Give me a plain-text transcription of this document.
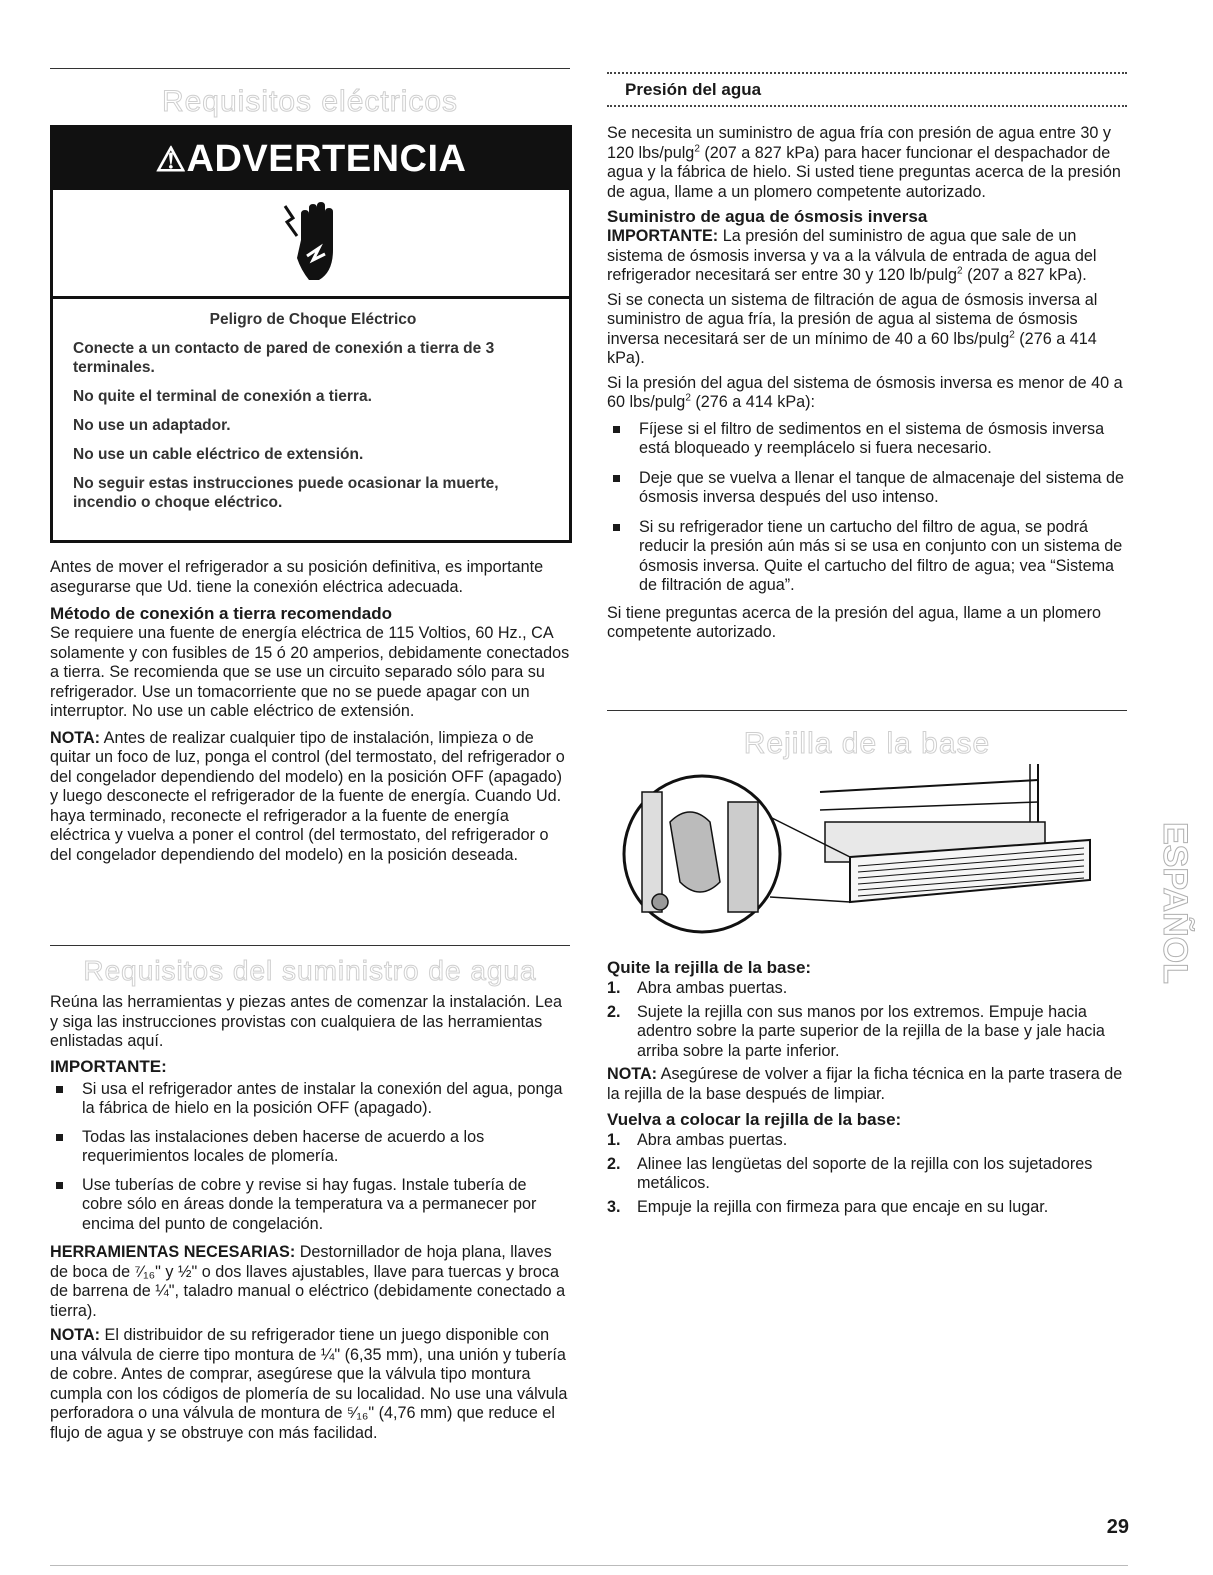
Requisitos eléctricos
⚠ADVERTENCIA

Peligro de Choque Eléctrico

Conecte a un contacto de pared de conexión a tierra de 3 terminales.

No quite el terminal de conexión a tierra.

No use un adaptador.

No use un cable eléctrico de extensión.

No seguir estas instrucciones puede ocasionar la muerte, incendio o choque eléctrico.

Antes de mover el refrigerador a su posición definitiva, es importante asegurarse que Ud. tiene la conexión eléctrica adecuada.

Método de conexión a tierra recomendado

Se requiere una fuente de energía eléctrica de 115 Voltios, 60 Hz., CA solamente y con fusibles de 15 ó 20 amperios, debidamente conectados a tierra. Se recomienda que se use un circuito separado sólo para su refrigerador. Use un tomacorriente que no se puede apagar con un interruptor. No use un cable eléctrico de extensión.

NOTA: Antes de realizar cualquier tipo de instalación, limpieza o de quitar un foco de luz, ponga el control (del termostato, del refrigerador o del congelador dependiendo del modelo) en la posición OFF (apagado) y luego desconecte el refrigerador de la fuente de energía. Cuando Ud. haya terminado, reconecte el refrigerador a la fuente de energía eléctrica y vuelva a poner el control (del termostato, del refrigerador o del congelador dependiendo del modelo) en la posición deseada.

Requisitos del suministro de agua

Reúna las herramientas y piezas antes de comenzar la instalación. Lea y siga las instrucciones provistas con cualquiera de las herramientas enlistadas aquí.

IMPORTANTE:
Si usa el refrigerador antes de instalar la conexión del agua, ponga la fábrica de hielo en la posición OFF (apagado).
Todas las instalaciones deben hacerse de acuerdo a los requerimientos locales de plomería.
Use tuberías de cobre y revise si hay fugas. Instale tubería de cobre sólo en áreas donde la temperatura va a permanecer por encima del punto de congelación.

HERRAMIENTAS NECESARIAS: Destornillador de hoja plana, llaves de boca de ⁷⁄₁₆" y ½" o dos llaves ajustables, llave para tuercas y broca de barrena de ¼", taladro manual o eléctrico (debidamente conectado a tierra).

NOTA: El distribuidor de su refrigerador tiene un juego disponible con una válvula de cierre tipo montura de ¼" (6,35 mm), una unión y tubería de cobre. Antes de comprar, asegúrese que la válvula tipo montura cumpla con los códigos de plomería de su localidad. No use una válvula perforadora o una válvula de montura de ⁵⁄₁₆" (4,76 mm) que reduce el flujo de agua y se obstruye con más facilidad.

Presión del agua

Se necesita un suministro de agua fría con presión de agua entre 30 y 120 lbs/pulg$^2$ (207 a 827 kPa) para hacer funcionar el despachador de agua y la fábrica de hielo. Si usted tiene preguntas acerca de la presión de agua, llame a un plomero competente autorizado.

Suministro de agua de ósmosis inversa

IMPORTANTE: La presión del suministro de agua que sale de un sistema de ósmosis inversa y va a la válvula de entrada de agua del refrigerador necesitará ser entre 30 y 120 lb/pulg$^2$ (207 a 827 kPa).

Si se conecta un sistema de filtración de agua de ósmosis inversa al suministro de agua fría, la presión de agua al sistema de ósmosis inversa necesitará ser de un mínimo de 40 a 60 lbs/pulg$^2$ (276 a 414 kPa).

Si la presión del agua del sistema de ósmosis inversa es menor de 40 a 60 lbs/pulg$^2$ (276 a 414 kPa):

Fíjese si el filtro de sedimentos en el sistema de ósmosis inversa está bloqueado y reemplácelo si fuera necesario.
Deje que se vuelva a llenar el tanque de almacenaje del sistema de ósmosis inversa después del uso intenso.
Si su refrigerador tiene un cartucho del filtro de agua, se podrá reducir la presión aún más si se usa en conjunto con un sistema de ósmosis inversa. Quite el cartucho del filtro de agua; vea “Sistema de filtración de agua”.

Si tiene preguntas acerca de la presión del agua, llame a un plomero competente autorizado.

Rejilla de la base
Quite la rejilla de la base:
1. Abra ambas puertas.
2. Sujete la rejilla con sus manos por los extremos. Empuje hacia adentro sobre la parte superior de la rejilla de la base y jale hacia arriba sobre la parte inferior.

NOTA: Asegúrese de volver a fijar la ficha técnica en la parte trasera de la rejilla de la base después de limpiar.

Vuelva a colocar la rejilla de la base:
1. Abra ambas puertas.
2. Alinee las lengüetas del soporte de la rejilla con los sujetadores metálicos.
3. Empuje la rejilla con firmeza para que encaje en su lugar.
ESPAÑOL
29
